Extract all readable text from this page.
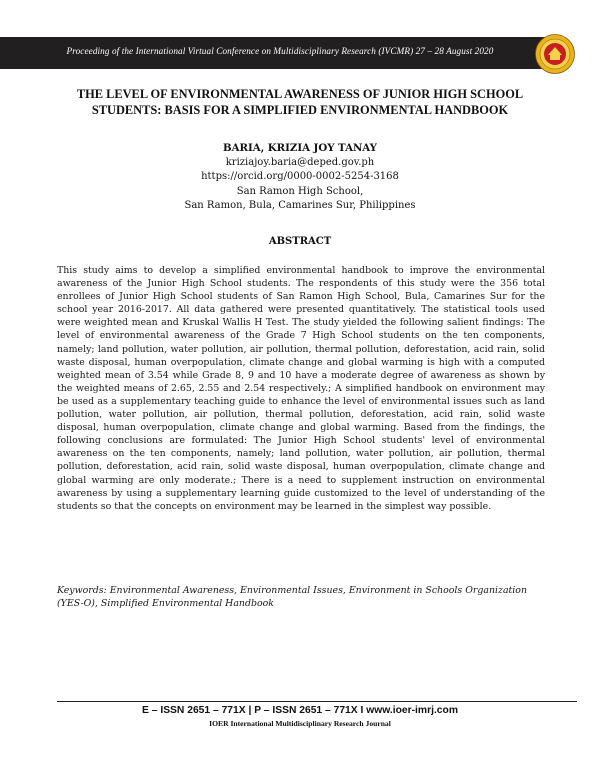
Proceeding of the International Virtual Conference on Multidisciplinary Research (IVCMR) 27 – 28 August 2020
THE LEVEL OF ENVIRONMENTAL AWARENESS OF JUNIOR HIGH SCHOOL
STUDENTS: BASIS FOR A SIMPLIFIED ENVIRONMENTAL HANDBOOK
BARIA, KRIZIA JOY TANAY
kriziajoy.baria@deped.gov.ph
https://orcid.org/0000-0002-5254-3168
San Ramon High School,
San Ramon, Bula, Camarines Sur, Philippines
ABSTRACT

This study aims to develop a simplified environmental handbook to improve the environmental awareness of the Junior High School students. The respondents of this study were the 356 total enrollees of Junior High School students of San Ramon High School, Bula, Camarines Sur for the school year 2016-2017. All data gathered were presented quantitatively. The statistical tools used were weighted mean and Kruskal Wallis H Test. The study yielded the following salient findings: The level of environmental awareness of the Grade 7 High School students on the ten components, namely; land pollution, water pollution, air pollution, thermal pollution, deforestation, acid rain, solid waste disposal, human overpopulation, climate change and global warming is high with a computed weighted mean of 3.54 while Grade 8, 9 and 10 have a moderate degree of awareness as shown by the weighted means of 2.65, 2.55 and 2.54 respectively.; A simplified handbook on environment may be used as a supplementary teaching guide to enhance the level of environmental issues such as land pollution, water pollution, air pollution, thermal pollution, deforestation, acid rain, solid waste disposal, human overpopulation, climate change and global warming. Based from the findings, the following conclusions are formulated: The Junior High School students' level of environmental awareness on the ten components, namely; land pollution, water pollution, air pollution, thermal pollution, deforestation, acid rain, solid waste disposal, human overpopulation, climate change and global warming are only moderate.; There is a need to supplement instruction on environmental awareness by using a supplementary learning guide customized to the level of understanding of the students so that the concepts on environment may be learned in the simplest way possible.

Keywords: Environmental Awareness, Environmental Issues, Environment in Schools Organization (YES-O), Simplified Environmental Handbook

E – ISSN 2651 – 771X | P – ISSN 2651 – 771X I www.ioer-imrj.com
IOER International Multidisciplinary Research Journal
